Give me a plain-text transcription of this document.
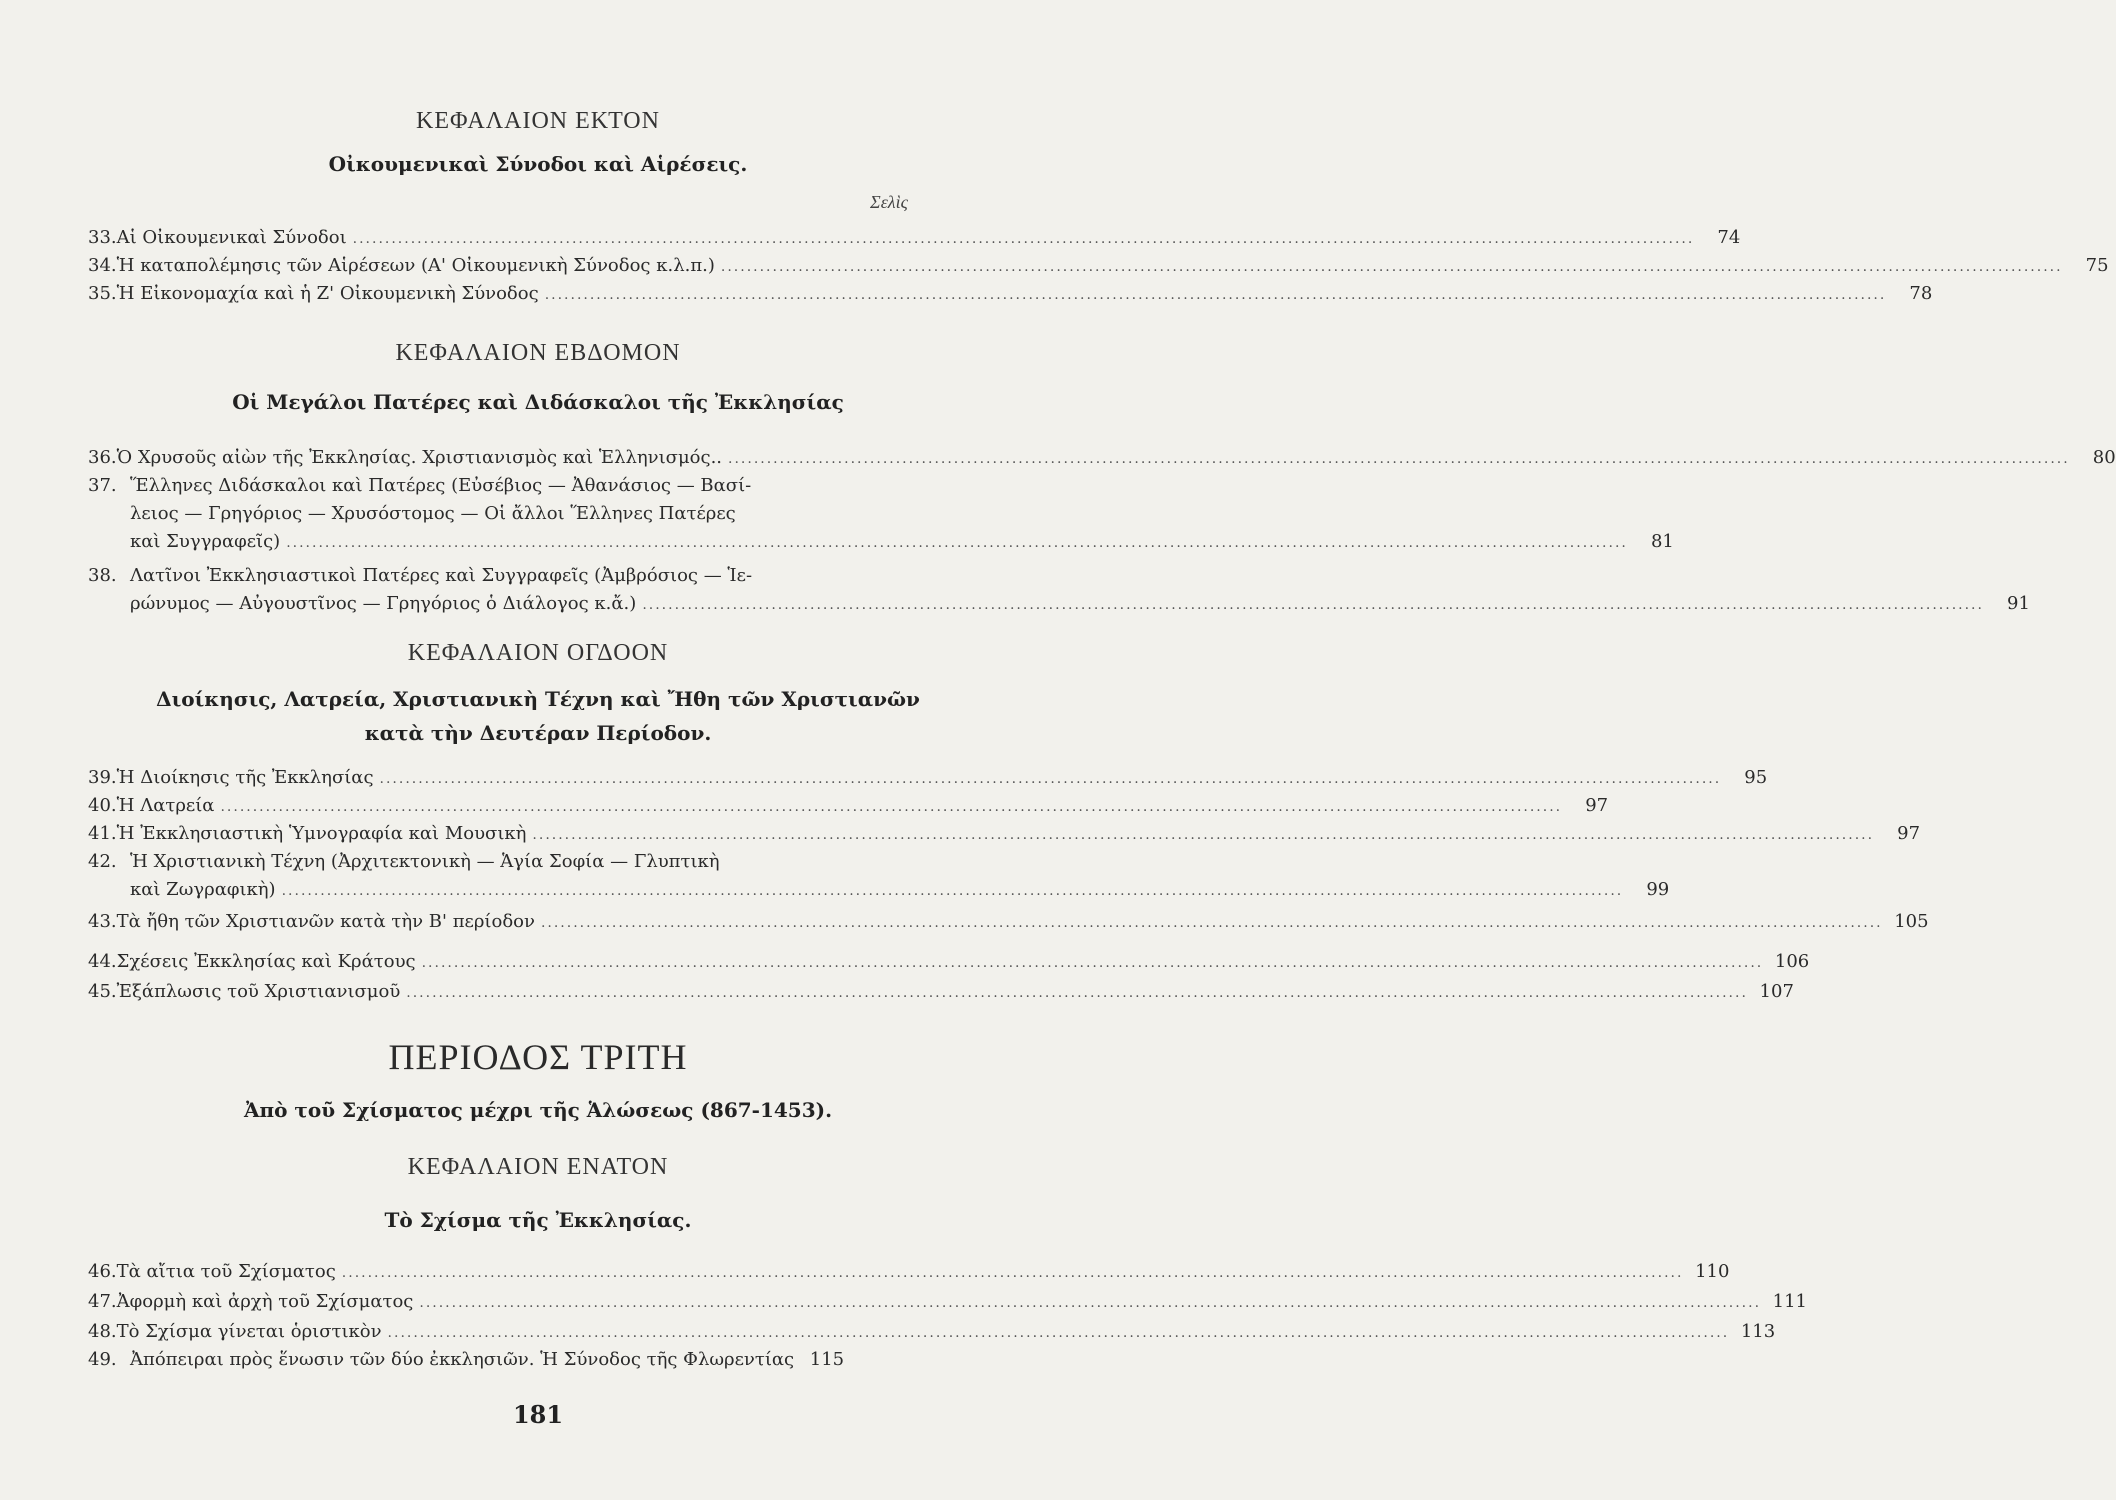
ΚΕΦΑΛΑΙΟΝ ΕΚΤΟΝ
Οἰκουμενικαὶ Σύνοδοι καὶ Αἱρέσεις.
Σελὶς
33. Αἱ Οἰκουμενικαὶ Σύνοδοι .....	74
34. Ἡ καταπολέμησις τῶν Αἱρέσεων (Α' Οἰκουμενικὴ Σύνοδος κ.λ.π.) .....	75
35. Ἡ Εἰκονομαχία καὶ ἡ Ζ' Οἰκουμενικὴ Σύνοδος .....	78
ΚΕΦΑΛΑΙΟΝ ΕΒΔΟΜΟΝ
Οἱ Μεγάλοι Πατέρες καὶ Διδάσκαλοι τῆς Ἐκκλησίας
36. Ὁ Χρυσοῦς αἰὼν τῆς Ἐκκλησίας. Χριστιανισμὸς καὶ Ἑλληνισμός.. .....	80
37. Ἕλληνες Διδάσκαλοι καὶ Πατέρες (Εὐσέβιος — Ἀθανάσιος — Βασί-
λειος — Γρηγόριος — Χρυσόστομος — Οἱ ἄλλοι Ἕλληνες Πατέρες
καὶ Συγγραφεῖς) .....	81
38. Λατῖνοι Ἐκκλησιαστικοὶ Πατέρες καὶ Συγγραφεῖς (Ἀμβρόσιος — Ἱε-
ρώνυμος — Αὐγουστῖνος — Γρηγόριος ὁ Διάλογος κ.ἄ.) .....	91
ΚΕΦΑΛΑΙΟΝ ΟΓΔΟΟΝ
Διοίκησις, Λατρεία, Χριστιανικὴ Τέχνη καὶ Ἤθη τῶν Χριστιανῶν
κατὰ τὴν Δευτέραν Περίοδον.
39. Ἡ Διοίκησις τῆς Ἐκκλησίας .....	95
40. Ἡ Λατρεία .....	97
41. Ἡ Ἐκκλησιαστικὴ Ὑμνογραφία καὶ Μουσικὴ .....	97
42. Ἡ Χριστιανικὴ Τέχνη (Ἀρχιτεκτονικὴ — Ἁγία Σοφία — Γλυπτικὴ
καὶ Ζωγραφικὴ) .....	99
43. Τὰ ἤθη τῶν Χριστιανῶν κατὰ τὴν Β' περίοδον .....	105
44. Σχέσεις Ἐκκλησίας καὶ Κράτους .....	106
45. Ἐξάπλωσις τοῦ Χριστιανισμοῦ .....	107
ΠΕΡΙΟΔΟΣ ΤΡΙΤΗ
Ἀπὸ τοῦ Σχίσματος μέχρι τῆς Ἁλώσεως (867-1453).
ΚΕΦΑΛΑΙΟΝ ΕΝΑΤΟΝ
Τὸ Σχίσμα τῆς Ἐκκλησίας.
46. Τὰ αἴτια τοῦ Σχίσματος .....	110
47. Ἀφορμὴ καὶ ἀρχὴ τοῦ Σχίσματος .....	111
48. Τὸ Σχίσμα γίνεται ὁριστικὸν .....	113
49. Ἀπόπειραι πρὸς ἕνωσιν τῶν δύο ἐκκλησιῶν. Ἡ Σύνοδος τῆς Φλωρεντίας 115
181
